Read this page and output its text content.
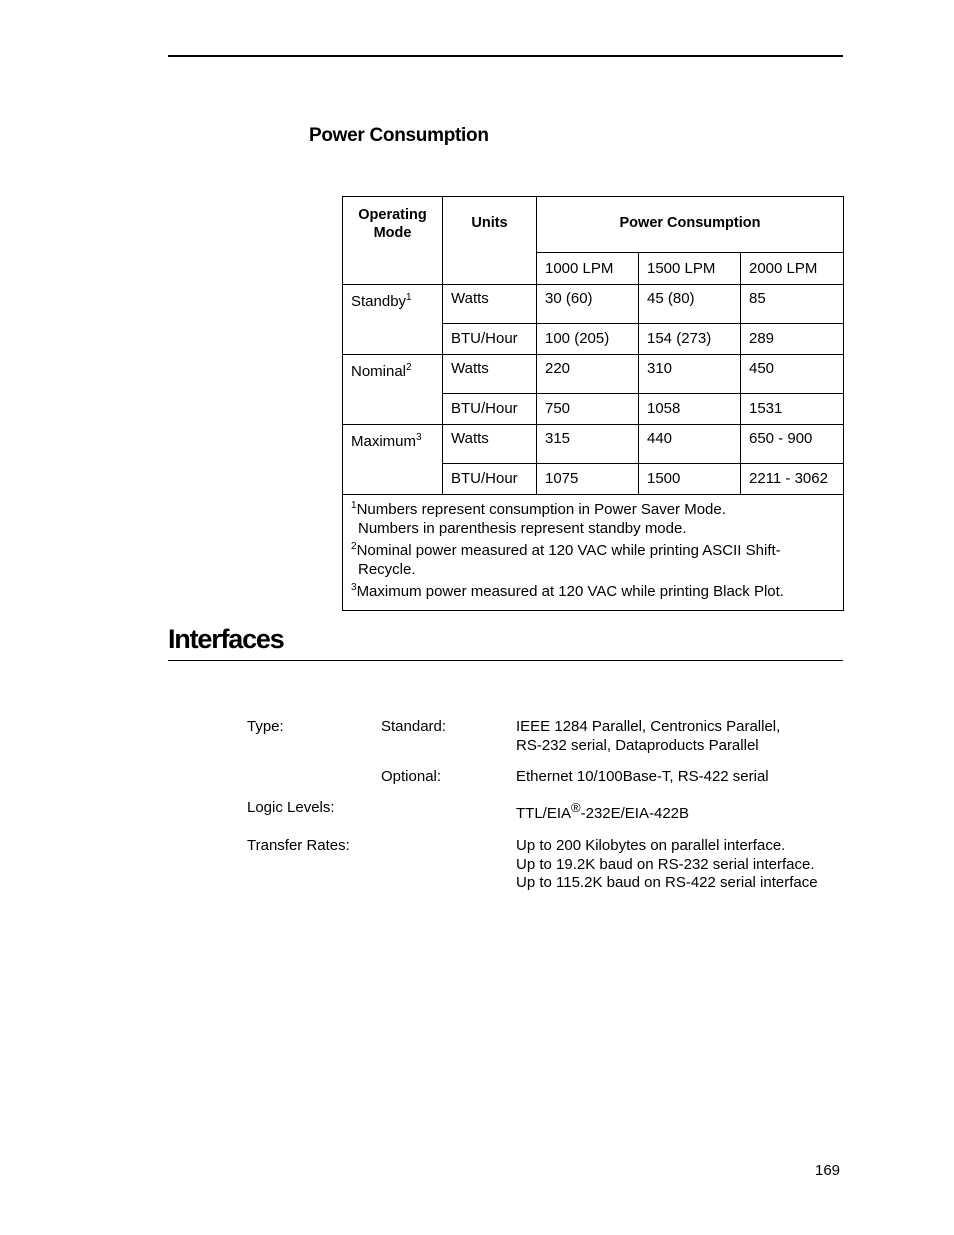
Power Consumption
Operating Mode	Units	Power Consumption		
		1000 LPM	1500 LPM	2000 LPM
Standby$^1$	Watts	30 (60)	45 (80)	85
	BTU/Hour	100 (205)	154 (273)	289
Nominal$^2$	Watts	220	310	450
	BTU/Hour	750	1058	1531
Maximum$^3$	Watts	315	440	650 - 900
	BTU/Hour	1075	1500	2211 - 3062

$^1$Numbers represent consumption in Power Saver Mode.
Numbers in parenthesis represent standby mode.
$^2$Nominal power measured at 120 VAC while printing ASCII Shift-
Recycle.
$^3$Maximum power measured at 120 VAC while printing Black Plot.				
Interfaces
Type:	Standard:	IEEE 1284 Parallel, Centronics Parallel,
RS-232 serial, Dataproducts Parallel
Optional:	Ethernet 10/100Base-T, RS-422 serial
Logic Levels:	TTL/EIA®-232E/EIA-422B
Transfer Rates:	Up to 200 Kilobytes on parallel interface.
Up to 19.2K baud on RS-232 serial interface.
Up to 115.2K baud on RS-422 serial interface
169
